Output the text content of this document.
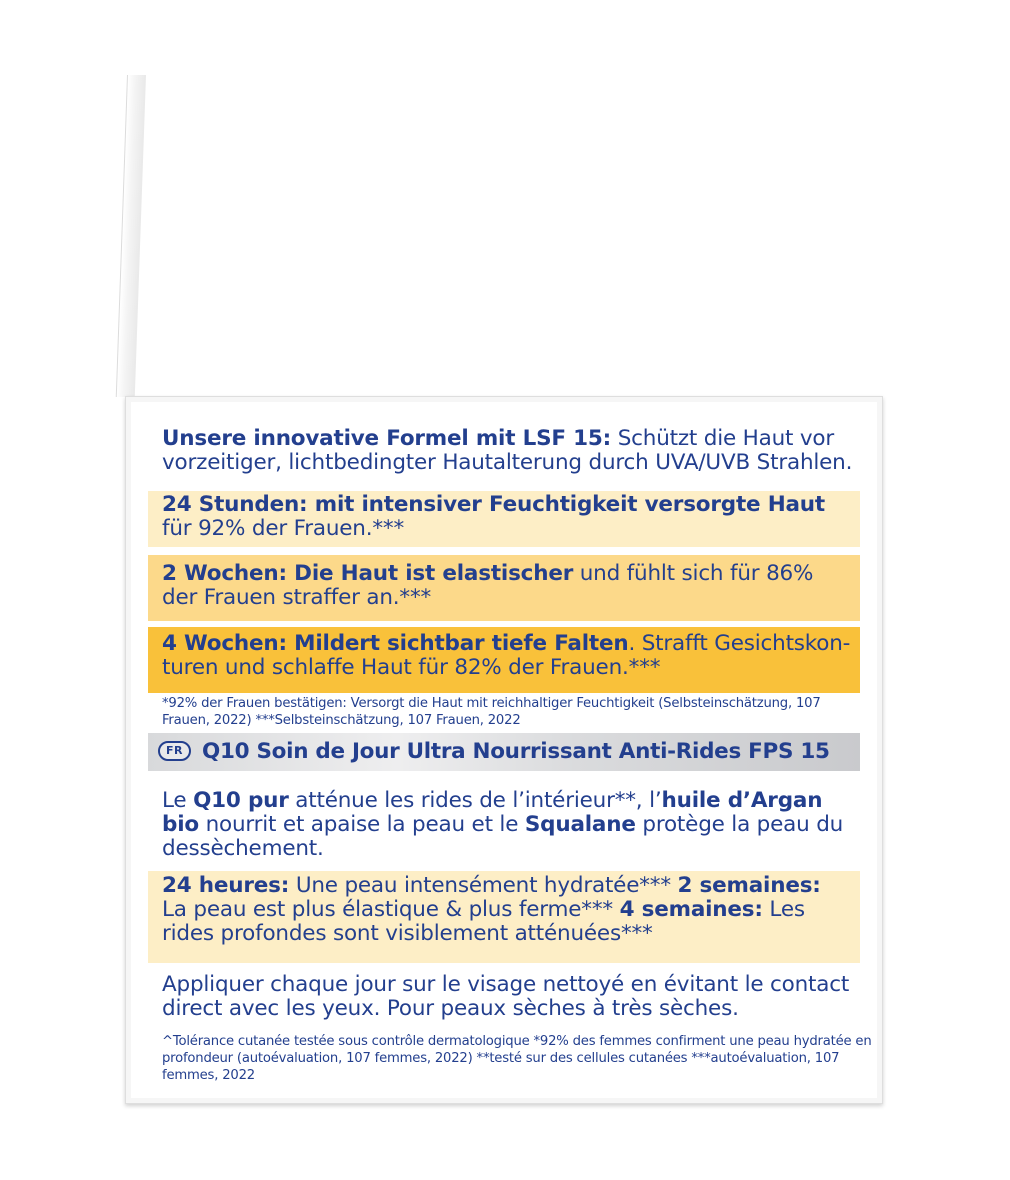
Unsere innovative Formel mit LSF 15: Schützt die Haut vor vorzeitiger, lichtbedingter Hautalterung durch UVA/UVB Strahlen.

24 Stunden: mit intensiver Feuchtigkeit versorgte Haut für 92% der Frauen.***

2 Wochen: Die Haut ist elastischer und fühlt sich für 86% der Frauen straffer an.***

4 Wochen: Mildert sichtbar tiefe Falten. Strafft Gesichtskonturen und schlaffe Haut für 82% der Frauen.***

*92% der Frauen bestätigen: Versorgt die Haut mit reichhaltiger Feuchtigkeit (Selbsteinschätzung, 107 Frauen, 2022) ***Selbsteinschätzung, 107 Frauen, 2022

FR Q10 Soin de Jour Ultra Nourrissant Anti-Rides FPS 15

Le Q10 pur atténue les rides de l’intérieur**, l’huile d’Argan bio nourrit et apaise la peau et le Squalane protège la peau du dessèchement.

24 heures: Une peau intensément hydratée*** 2 semaines: La peau est plus élastique & plus ferme*** 4 semaines: Les rides profondes sont visiblement atténuées***

Appliquer chaque jour sur le visage nettoyé en évitant le contact direct avec les yeux. Pour peaux sèches à très sèches.

^Tolérance cutanée testée sous contrôle dermatologique *92% des femmes confirment une peau hydratée en profondeur (autoévaluation, 107 femmes, 2022) **testé sur des cellules cutanées ***autoévaluation, 107 femmes, 2022
